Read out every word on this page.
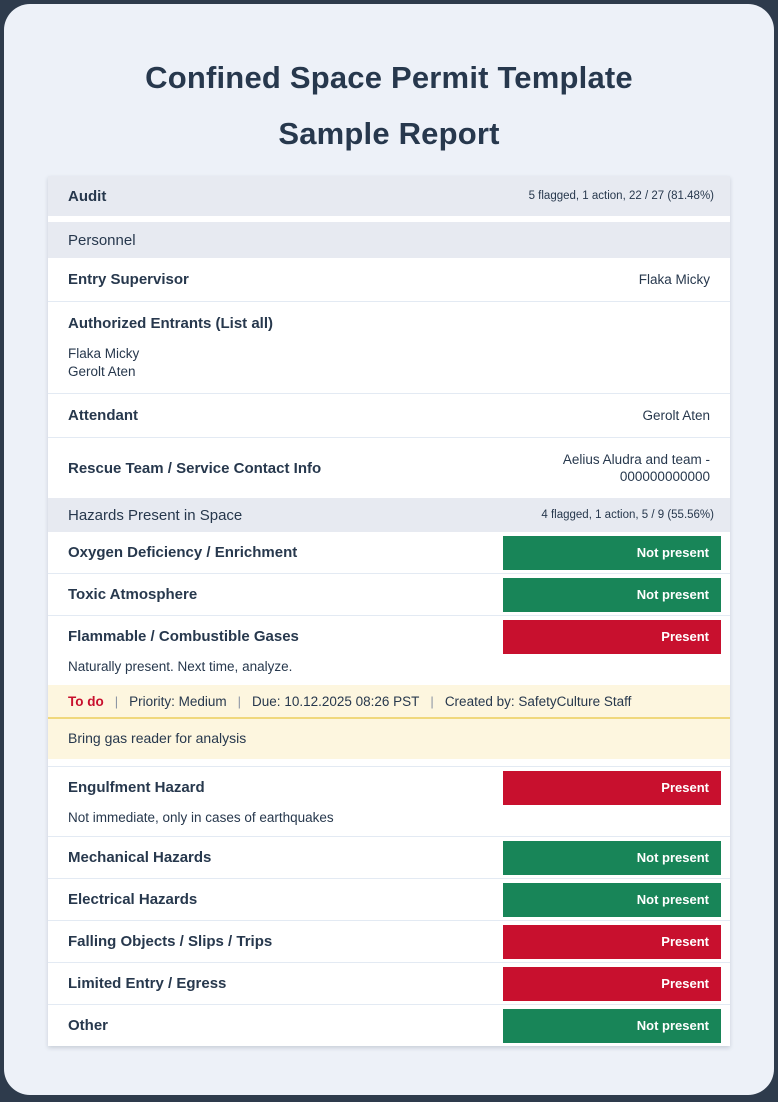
Confined Space Permit Template
Sample Report
Audit	5 flagged, 1 action, 22 / 27 (81.48%)
Personnel
Entry Supervisor	Flaka Micky
Authorized Entrants (List all)
Flaka Micky
Gerolt Aten
Attendant	Gerolt Aten
Rescue Team / Service Contact Info	Aelius Aludra and team -
000000000000
Hazards Present in Space	4 flagged, 1 action, 5 / 9 (55.56%)
Oxygen Deficiency / Enrichment	Not present
Toxic Atmosphere	Not present
Flammable / Combustible Gases	Present
Naturally present. Next time, analyze.
To do | Priority: Medium | Due: 10.12.2025 08:26 PST | Created by: SafetyCulture Staff
Bring gas reader for analysis
Engulfment Hazard	Present
Not immediate, only in cases of earthquakes
Mechanical Hazards	Not present
Electrical Hazards	Not present
Falling Objects / Slips / Trips	Present
Limited Entry / Egress	Present
Other	Not present
